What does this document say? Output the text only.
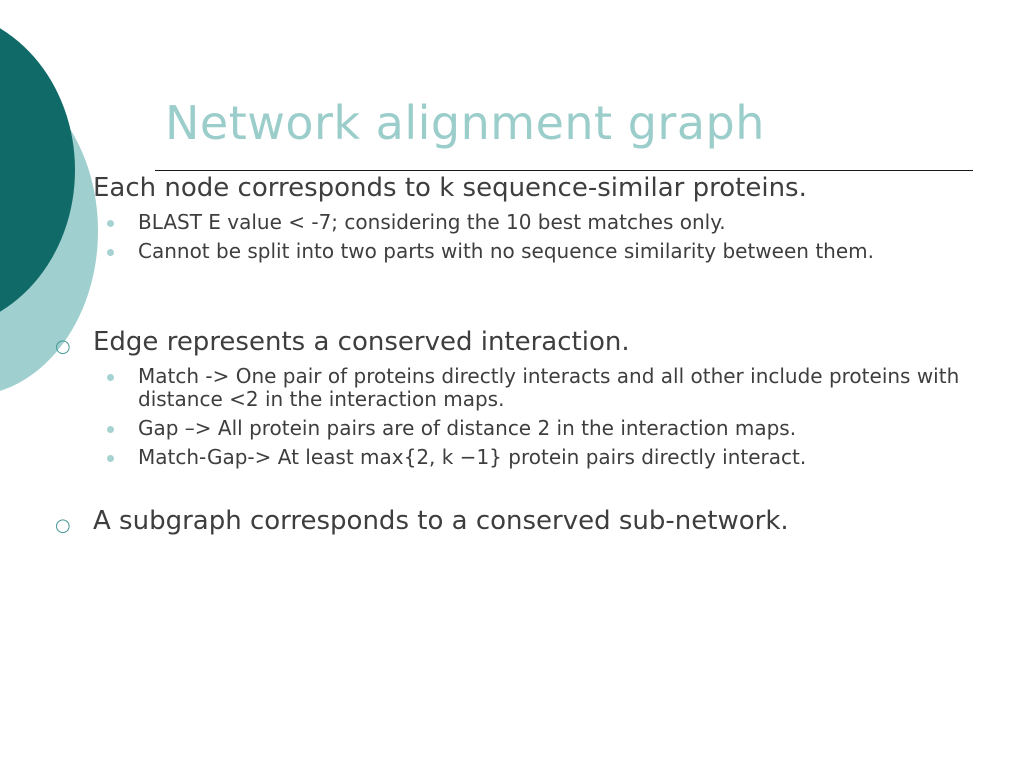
Network alignment graph
Each node corresponds to k sequence-similar proteins.
BLAST E value < -7; considering the 10 best matches only.
Cannot be split into two parts with no sequence similarity between them.
○ Edge represents a conserved interaction.
Match -> One pair of proteins directly interacts and all other include proteins with distance <2 in the interaction maps.
Gap –> All protein pairs are of distance 2 in the interaction maps.
Match-Gap-> At least max{2, k −1} protein pairs directly interact.
○ A subgraph corresponds to a conserved sub-network.
